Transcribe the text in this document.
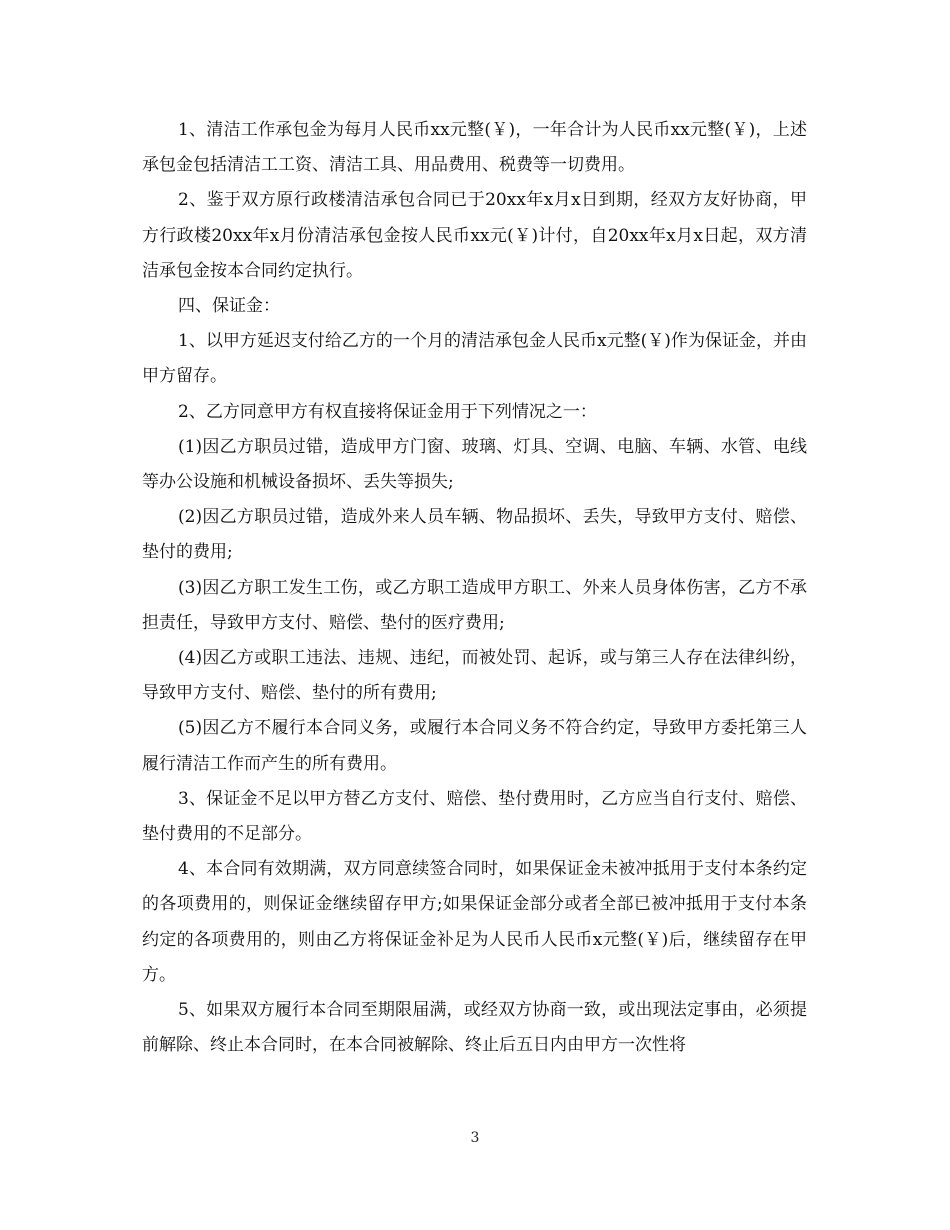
1、清洁工作承包金为每月人民币xx元整(￥)，一年合计为人民币xx元整(￥)，上述承包金包括清洁工工资、清洁工具、用品费用、税费等一切费用。

2、鉴于双方原行政楼清洁承包合同已于20xx年x月x日到期，经双方友好协商，甲方行政楼20xx年x月份清洁承包金按人民币xx元(￥)计付，自20xx年x月x日起，双方清洁承包金按本合同约定执行。

四、保证金：

1、以甲方延迟支付给乙方的一个月的清洁承包金人民币x元整(￥)作为保证金，并由甲方留存。

2、乙方同意甲方有权直接将保证金用于下列情况之一：

(1)因乙方职员过错，造成甲方门窗、玻璃、灯具、空调、电脑、车辆、水管、电线等办公设施和机械设备损坏、丢失等损失;

(2)因乙方职员过错，造成外来人员车辆、物品损坏、丢失，导致甲方支付、赔偿、垫付的费用;

(3)因乙方职工发生工伤，或乙方职工造成甲方职工、外来人员身体伤害，乙方不承担责任，导致甲方支付、赔偿、垫付的医疗费用;

(4)因乙方或职工违法、违规、违纪，而被处罚、起诉，或与第三人存在法律纠纷，导致甲方支付、赔偿、垫付的所有费用;

(5)因乙方不履行本合同义务，或履行本合同义务不符合约定，导致甲方委托第三人履行清洁工作而产生的所有费用。

3、保证金不足以甲方替乙方支付、赔偿、垫付费用时，乙方应当自行支付、赔偿、垫付费用的不足部分。

4、本合同有效期满，双方同意续签合同时，如果保证金未被冲抵用于支付本条约定的各项费用的，则保证金继续留存甲方;如果保证金部分或者全部已被冲抵用于支付本条约定的各项费用的，则由乙方将保证金补足为人民币人民币x元整(￥)后，继续留存在甲方。

5、如果双方履行本合同至期限届满，或经双方协商一致，或出现法定事由，必须提前解除、终止本合同时，在本合同被解除、终止后五日内由甲方一次性将

3
